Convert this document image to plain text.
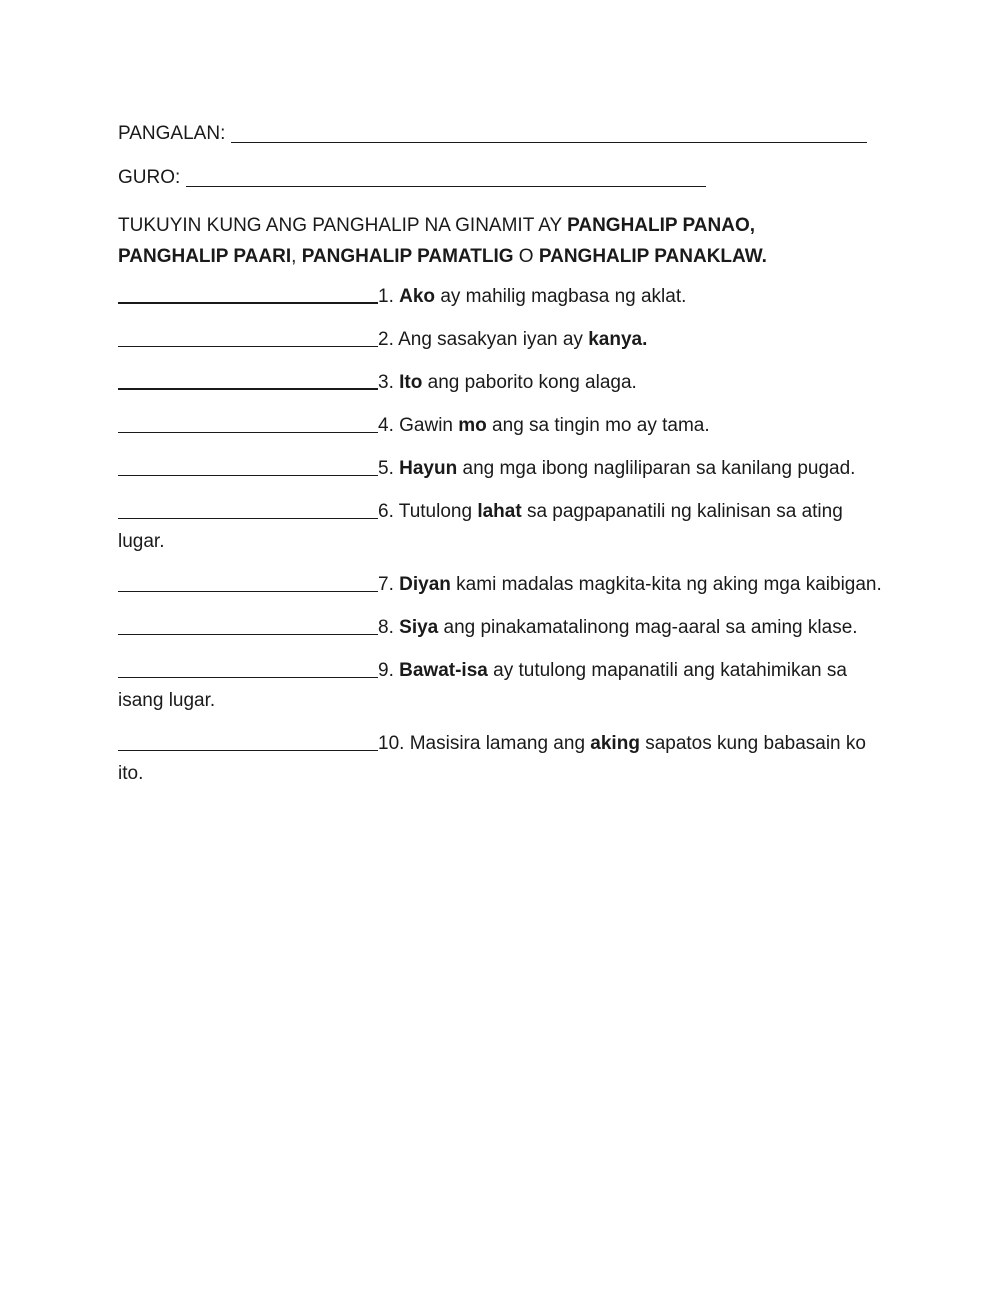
PANGALAN:
GURO:
TUKUYIN KUNG ANG PANGHALIP NA GINAMIT AY PANGHALIP PANAO,
PANGHALIP PAARI, PANGHALIP PAMATLIG O PANGHALIP PANAKLAW.
1. Ako ay mahilig magbasa ng aklat.
2. Ang sasakyan iyan ay kanya.
3. Ito ang paborito kong alaga.
4. Gawin mo ang sa tingin mo ay tama.
5. Hayun ang mga ibong nagliliparan sa kanilang pugad.
6. Tutulong lahat sa pagpapanatili ng kalinisan sa ating lugar.
7. Diyan kami madalas magkita-kita ng aking mga kaibigan.
8. Siya ang pinakamatalinong mag-aaral sa aming klase.
9. Bawat-isa ay tutulong mapanatili ang katahimikan sa isang lugar.
10. Masisira lamang ang aking sapatos kung babasain ko ito.
